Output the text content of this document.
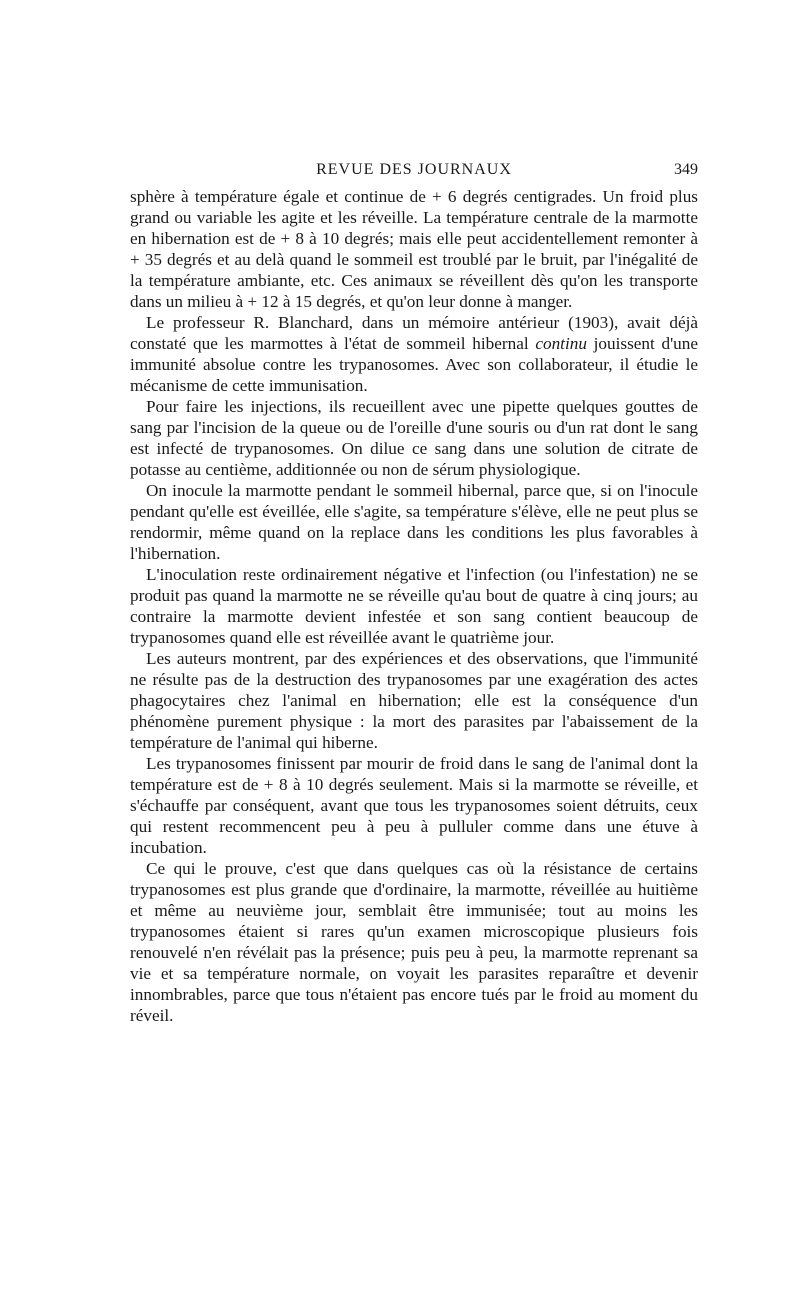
REVUE DES JOURNAUX	349

sphère à température égale et continue de + 6 degrés centigrades. Un froid plus grand ou variable les agite et les réveille. La température centrale de la marmotte en hibernation est de + 8 à 10 degrés; mais elle peut accidentellement remonter à + 35 degrés et au delà quand le sommeil est troublé par le bruit, par l'inégalité de la température ambiante, etc. Ces animaux se réveillent dès qu'on les transporte dans un milieu à + 12 à 15 degrés, et qu'on leur donne à manger.

Le professeur R. Blanchard, dans un mémoire antérieur (1903), avait déjà constaté que les marmottes à l'état de sommeil hibernal continu jouissent d'une immunité absolue contre les trypanosomes. Avec son collaborateur, il étudie le mécanisme de cette immunisation.

Pour faire les injections, ils recueillent avec une pipette quelques gouttes de sang par l'incision de la queue ou de l'oreille d'une souris ou d'un rat dont le sang est infecté de trypanosomes. On dilue ce sang dans une solution de citrate de potasse au centième, additionnée ou non de sérum physiologique.

On inocule la marmotte pendant le sommeil hibernal, parce que, si on l'inocule pendant qu'elle est éveillée, elle s'agite, sa température s'élève, elle ne peut plus se rendormir, même quand on la replace dans les conditions les plus favorables à l'hibernation.

L'inoculation reste ordinairement négative et l'infection (ou l'infestation) ne se produit pas quand la marmotte ne se réveille qu'au bout de quatre à cinq jours; au contraire la marmotte devient infestée et son sang contient beaucoup de trypanosomes quand elle est réveillée avant le quatrième jour.

Les auteurs montrent, par des expériences et des observations, que l'immunité ne résulte pas de la destruction des trypanosomes par une exagération des actes phagocytaires chez l'animal en hibernation; elle est la conséquence d'un phénomène purement physique : la mort des parasites par l'abaissement de la température de l'animal qui hiberne.

Les trypanosomes finissent par mourir de froid dans le sang de l'animal dont la température est de + 8 à 10 degrés seulement. Mais si la marmotte se réveille, et s'échauffe par conséquent, avant que tous les trypanosomes soient détruits, ceux qui restent recommencent peu à peu à pulluler comme dans une étuve à incubation.

Ce qui le prouve, c'est que dans quelques cas où la résistance de certains trypanosomes est plus grande que d'ordinaire, la marmotte, réveillée au huitième et même au neuvième jour, semblait être immunisée; tout au moins les trypanosomes étaient si rares qu'un examen microscopique plusieurs fois renouvelé n'en révélait pas la présence; puis peu à peu, la marmotte reprenant sa vie et sa température normale, on voyait les parasites reparaître et devenir innombrables, parce que tous n'étaient pas encore tués par le froid au moment du réveil.
